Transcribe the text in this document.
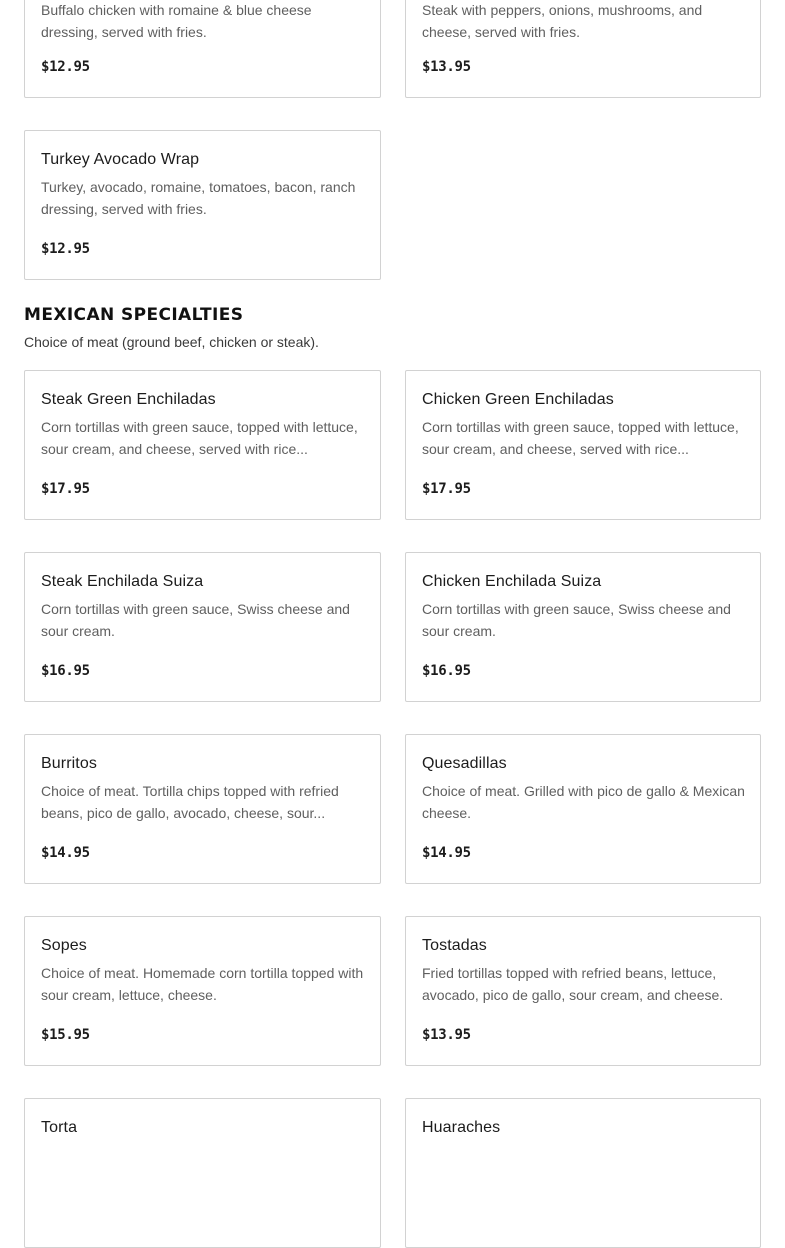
Buffalo chicken with romaine & blue cheese dressing, served with fries.
$12.95
Steak with peppers, onions, mushrooms, and cheese, served with fries.
$13.95
Turkey Avocado Wrap
Turkey, avocado, romaine, tomatoes, bacon, ranch dressing, served with fries.
$12.95
MEXICAN SPECIALTIES
Choice of meat (ground beef, chicken or steak).
Steak Green Enchiladas
Corn tortillas with green sauce, topped with lettuce, sour cream, and cheese, served with rice...
$17.95
Chicken Green Enchiladas
Corn tortillas with green sauce, topped with lettuce, sour cream, and cheese, served with rice...
$17.95
Steak Enchilada Suiza
Corn tortillas with green sauce, Swiss cheese and sour cream.
$16.95
Chicken Enchilada Suiza
Corn tortillas with green sauce, Swiss cheese and sour cream.
$16.95
Burritos
Choice of meat. Tortilla chips topped with refried beans, pico de gallo, avocado, cheese, sour...
$14.95
Quesadillas
Choice of meat. Grilled with pico de gallo & Mexican cheese.
$14.95
Sopes
Choice of meat. Homemade corn tortilla topped with sour cream, lettuce, cheese.
$15.95
Tostadas
Fried tortillas topped with refried beans, lettuce, avocado, pico de gallo, sour cream, and cheese.
$13.95
Torta	Huaraches
